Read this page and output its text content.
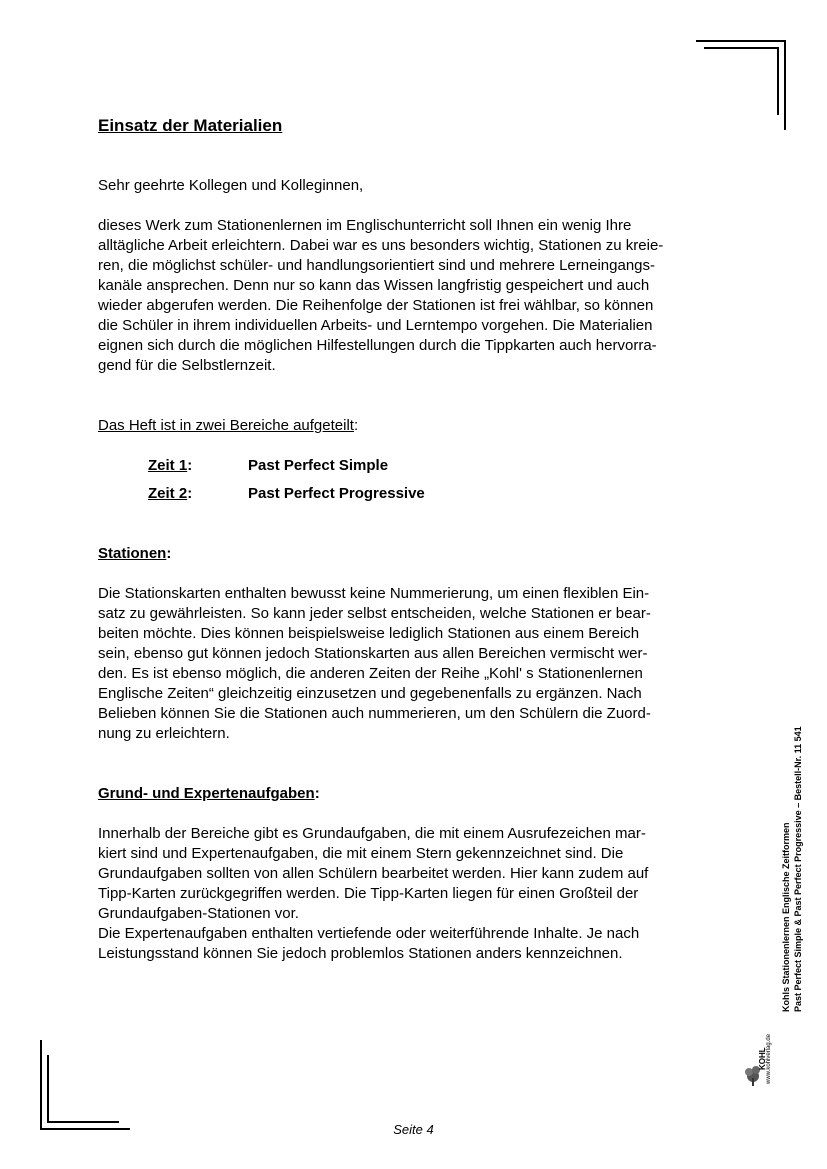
Einsatz der Materialien

Sehr geehrte Kollegen und Kolleginnen,

dieses Werk zum Stationenlernen im Englischunterricht soll Ihnen ein wenig Ihre
alltägliche Arbeit erleichtern. Dabei war es uns besonders wichtig, Stationen zu kreie-
ren, die möglichst schüler- und handlungsorientiert sind und mehrere Lerneingangs-
kanäle ansprechen. Denn nur so kann das Wissen langfristig gespeichert und auch
wieder abgerufen werden. Die Reihenfolge der Stationen ist frei wählbar, so können
die Schüler in ihrem individuellen Arbeits- und Lerntempo vorgehen. Die Materialien
eignen sich durch die möglichen Hilfestellungen durch die Tippkarten auch hervorra-
gend für die Selbstlernzeit.

Das Heft ist in zwei Bereiche aufgeteilt:
Zeit 1:	Past Perfect Simple
Zeit 2:	Past Perfect Progressive
Stationen:

Die Stationskarten enthalten bewusst keine Nummerierung, um einen flexiblen Ein-
satz zu gewährleisten. So kann jeder selbst entscheiden, welche Stationen er bear-
beiten möchte. Dies können beispielsweise lediglich Stationen aus einem Bereich
sein, ebenso gut können jedoch Stationskarten aus allen Bereichen vermischt wer-
den. Es ist ebenso möglich, die anderen Zeiten der Reihe „Kohl' s Stationenlernen
Englische Zeiten“ gleichzeitig einzusetzen und gegebenenfalls zu ergänzen. Nach
Belieben können Sie die Stationen auch nummerieren, um den Schülern die Zuord-
nung zu erleichtern.

Grund- und Expertenaufgaben:

Innerhalb der Bereiche gibt es Grundaufgaben, die mit einem Ausrufezeichen mar-
kiert sind und Expertenaufgaben, die mit einem Stern gekennzeichnet sind. Die
Grundaufgaben sollten von allen Schülern bearbeitet werden. Hier kann zudem auf
Tipp-Karten zurückgegriffen werden. Die Tipp-Karten liegen für einen Großteil der
Grundaufgaben-Stationen vor.
Die Expertenaufgaben enthalten vertiefende oder weiterführende Inhalte. Je nach
Leistungsstand können Sie jedoch problemlos Stationen anders kennzeichnen.	Kohls Stationenlernen Englische Zeitformen Past Perfect Simple & Past Perfect Progressive – Bestell-Nr. 11 541
KOHL www.kohlverlag.de
Seite 4
